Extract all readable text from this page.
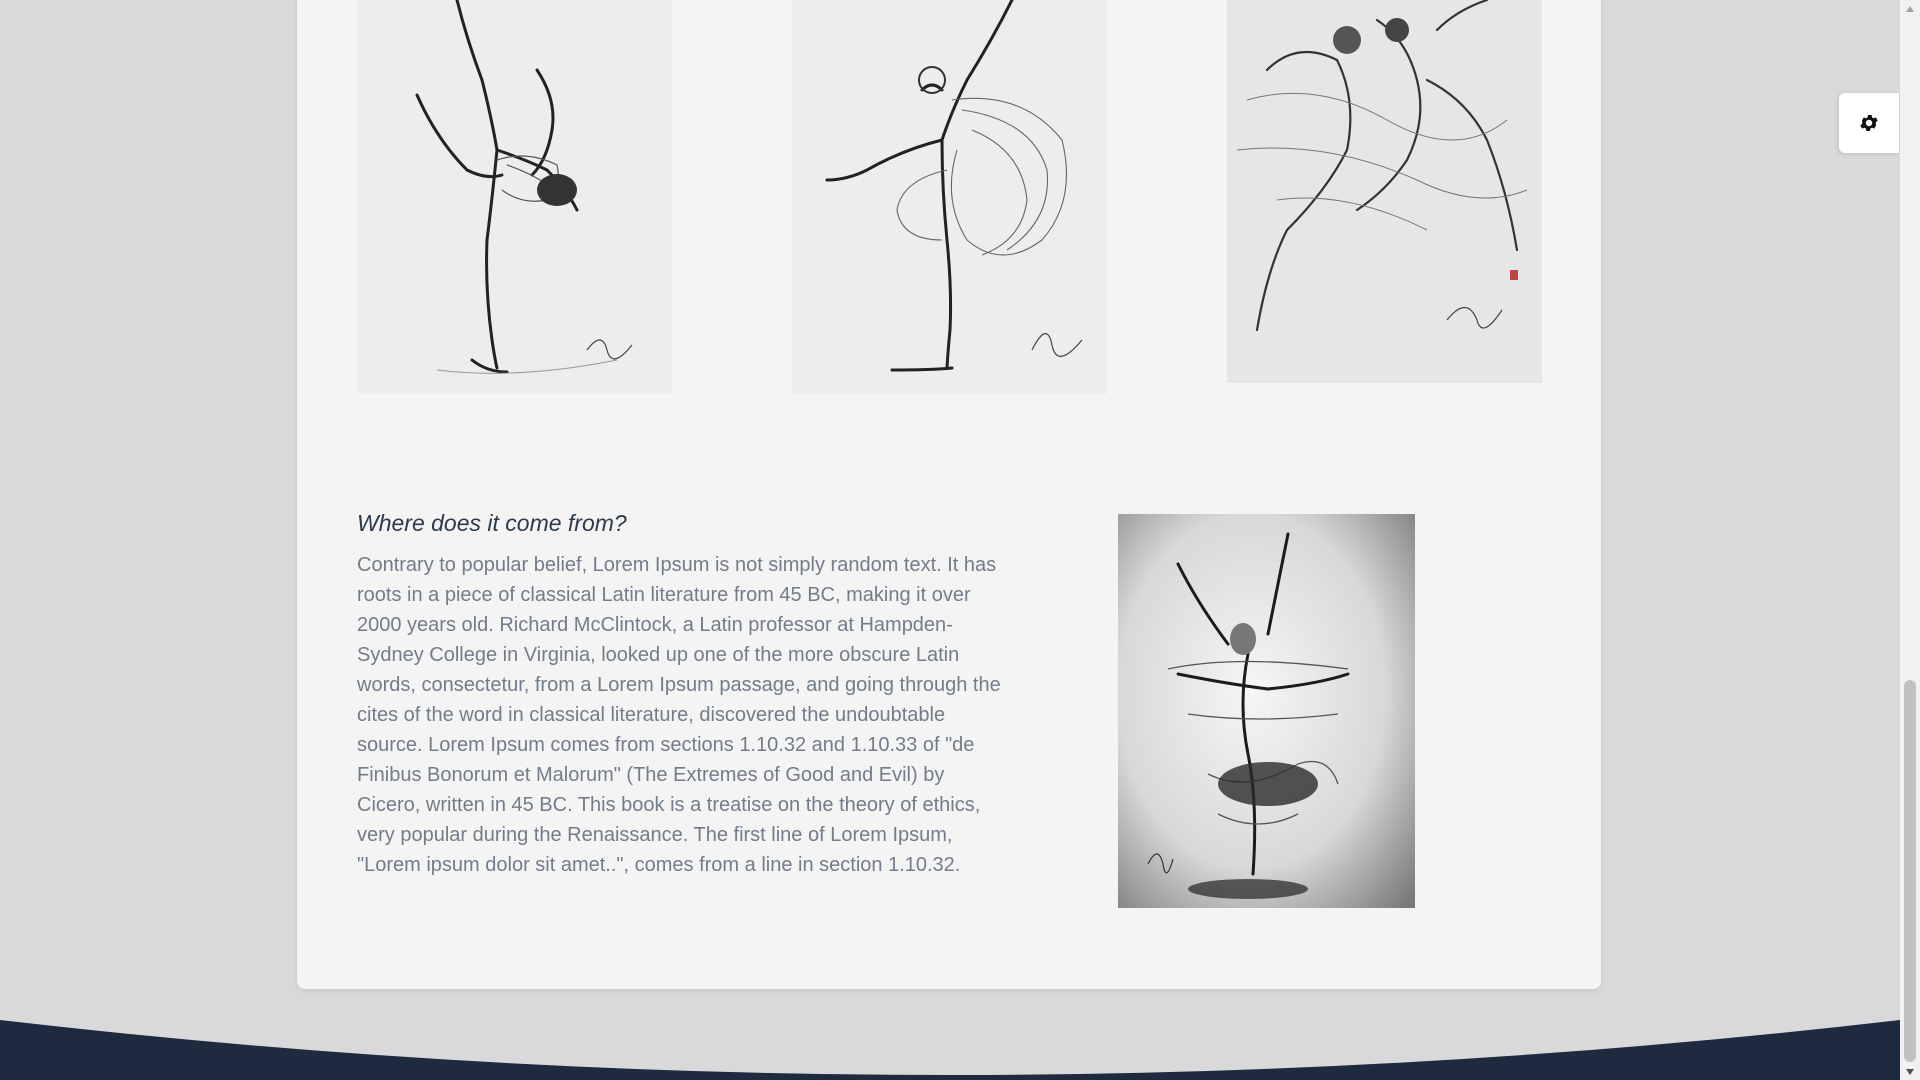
Where does it come from?

Contrary to popular belief, Lorem Ipsum is not simply random text. It has roots in a piece of classical Latin literature from 45 BC, making it over 2000 years old. Richard McClintock, a Latin professor at Hampden-Sydney College in Virginia, looked up one of the more obscure Latin words, consectetur, from a Lorem Ipsum passage, and going through the cites of the word in classical literature, discovered the undoubtable source. Lorem Ipsum comes from sections 1.10.32 and 1.10.33 of "de Finibus Bonorum et Malorum" (The Extremes of Good and Evil) by Cicero, written in 45 BC. This book is a treatise on the theory of ethics, very popular during the Renaissance. The first line of Lorem Ipsum, "Lorem ipsum dolor sit amet..", comes from a line in section 1.10.32.
